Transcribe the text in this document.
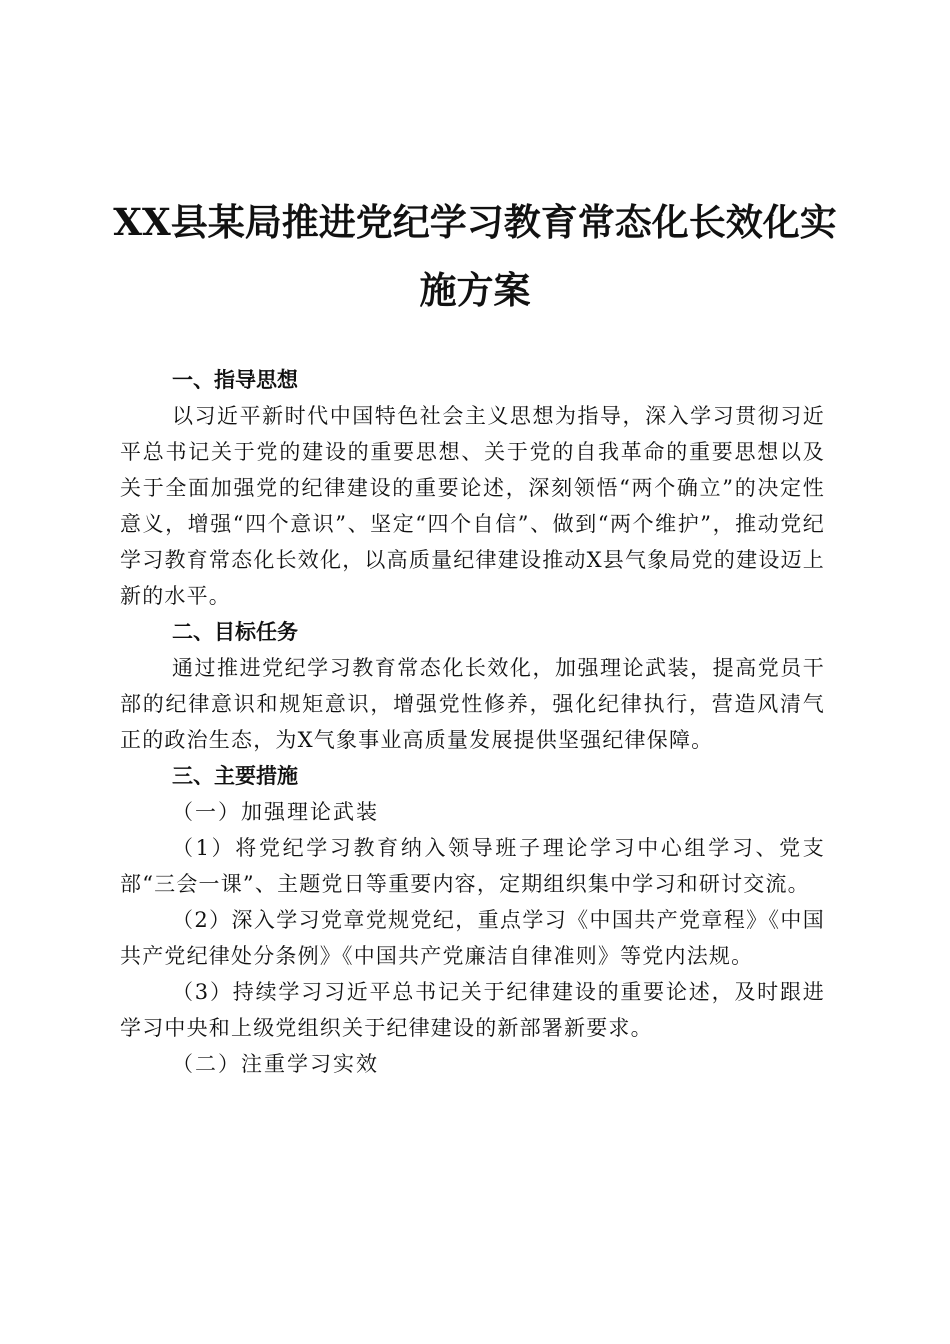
XX县某局推进党纪学习教育常态化长效化实
施方案
一、指导思想

以习近平新时代中国特色社会主义思想为指导，深入学习贯彻习近平总书记关于党的建设的重要思想、关于党的自我革命的重要思想以及关于全面加强党的纪律建设的重要论述，深刻领悟“两个确立”的决定性意义，增强“四个意识”、坚定“四个自信”、做到“两个维护”，推动党纪学习教育常态化长效化，以高质量纪律建设推动X县气象局党的建设迈上新的水平。

二、目标任务

通过推进党纪学习教育常态化长效化，加强理论武装，提高党员干部的纪律意识和规矩意识，增强党性修养，强化纪律执行，营造风清气正的政治生态，为X气象事业高质量发展提供坚强纪律保障。

三、主要措施
（一）加强理论武装

（1）将党纪学习教育纳入领导班子理论学习中心组学习、党支部“三会一课”、主题党日等重要内容，定期组织集中学习和研讨交流。

（2）深入学习党章党规党纪，重点学习《中国共产党章程》《中国共产党纪律处分条例》《中国共产党廉洁自律准则》等党内法规。

（3）持续学习习近平总书记关于纪律建设的重要论述，及时跟进学习中央和上级党组织关于纪律建设的新部署新要求。

（二）注重学习实效
